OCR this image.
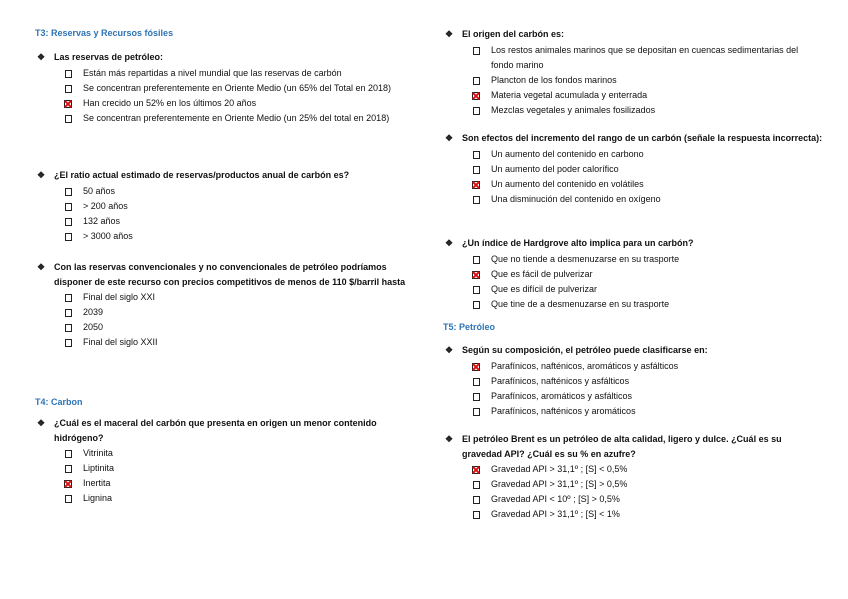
T3: Reservas y Recursos fósiles
❖ Las reservas de petróleo:
Están más repartidas a nivel mundial que las reservas de carbón
Se concentran preferentemente en Oriente Medio (un 65% del Total en 2018)
Han crecido un 52% en los últimos 20 años
Se concentran preferentemente en Oriente Medio (un 25% del total en 2018)
❖ ¿El ratio actual estimado de reservas/productos anual de carbón es?
50 años
> 200 años
132 años
> 3000 años
❖ Con las reservas convencionales y no convencionales de petróleo podríamos disponer de este recurso con precios competitivos de menos de 110 $/barril hasta
Final del siglo XXI
2039
2050
Final del siglo XXII
T4: Carbon
❖ ¿Cuál es el maceral del carbón que presenta en origen un menor contenido hidrógeno?
Vitrinita
Liptinita
Inertita
Lignina
❖ El origen del carbón es:
Los restos animales marinos que se depositan en cuencas sedimentarias del fondo marino
Plancton de los fondos marinos
Materia vegetal acumulada y enterrada
Mezclas vegetales y animales fosilizados
❖ Son efectos del incremento del rango de un carbón (señale la respuesta incorrecta):
Un aumento del contenido en carbono
Un aumento del poder calorífico
Un aumento del contenido en volátiles
Una disminución del contenido en oxígeno
❖ ¿Un índice de Hardgrove alto implica para un carbón?
Que no tiende a desmenuzarse en su trasporte
Que es fácil de pulverizar
Que es difícil de pulverizar
Que tine de a desmenuzarse en su trasporte
T5: Petróleo
❖ Según su composición, el petróleo puede clasificarse en:
Parafínicos, nafténicos, aromáticos y asfálticos
Parafínicos, nafténicos y asfálticos
Parafínicos, aromáticos y asfálticos
Parafínicos, nafténicos y aromáticos
❖ El petróleo Brent es un petróleo de alta calidad, ligero y dulce. ¿Cuál es su gravedad API? ¿Cuál es su % en azufre?
Gravedad API > 31,1º ; [S] < 0,5%
Gravedad API > 31,1º ; [S] > 0,5%
Gravedad API < 10º ; [S] > 0,5%
Gravedad API > 31,1º ; [S] < 1%
